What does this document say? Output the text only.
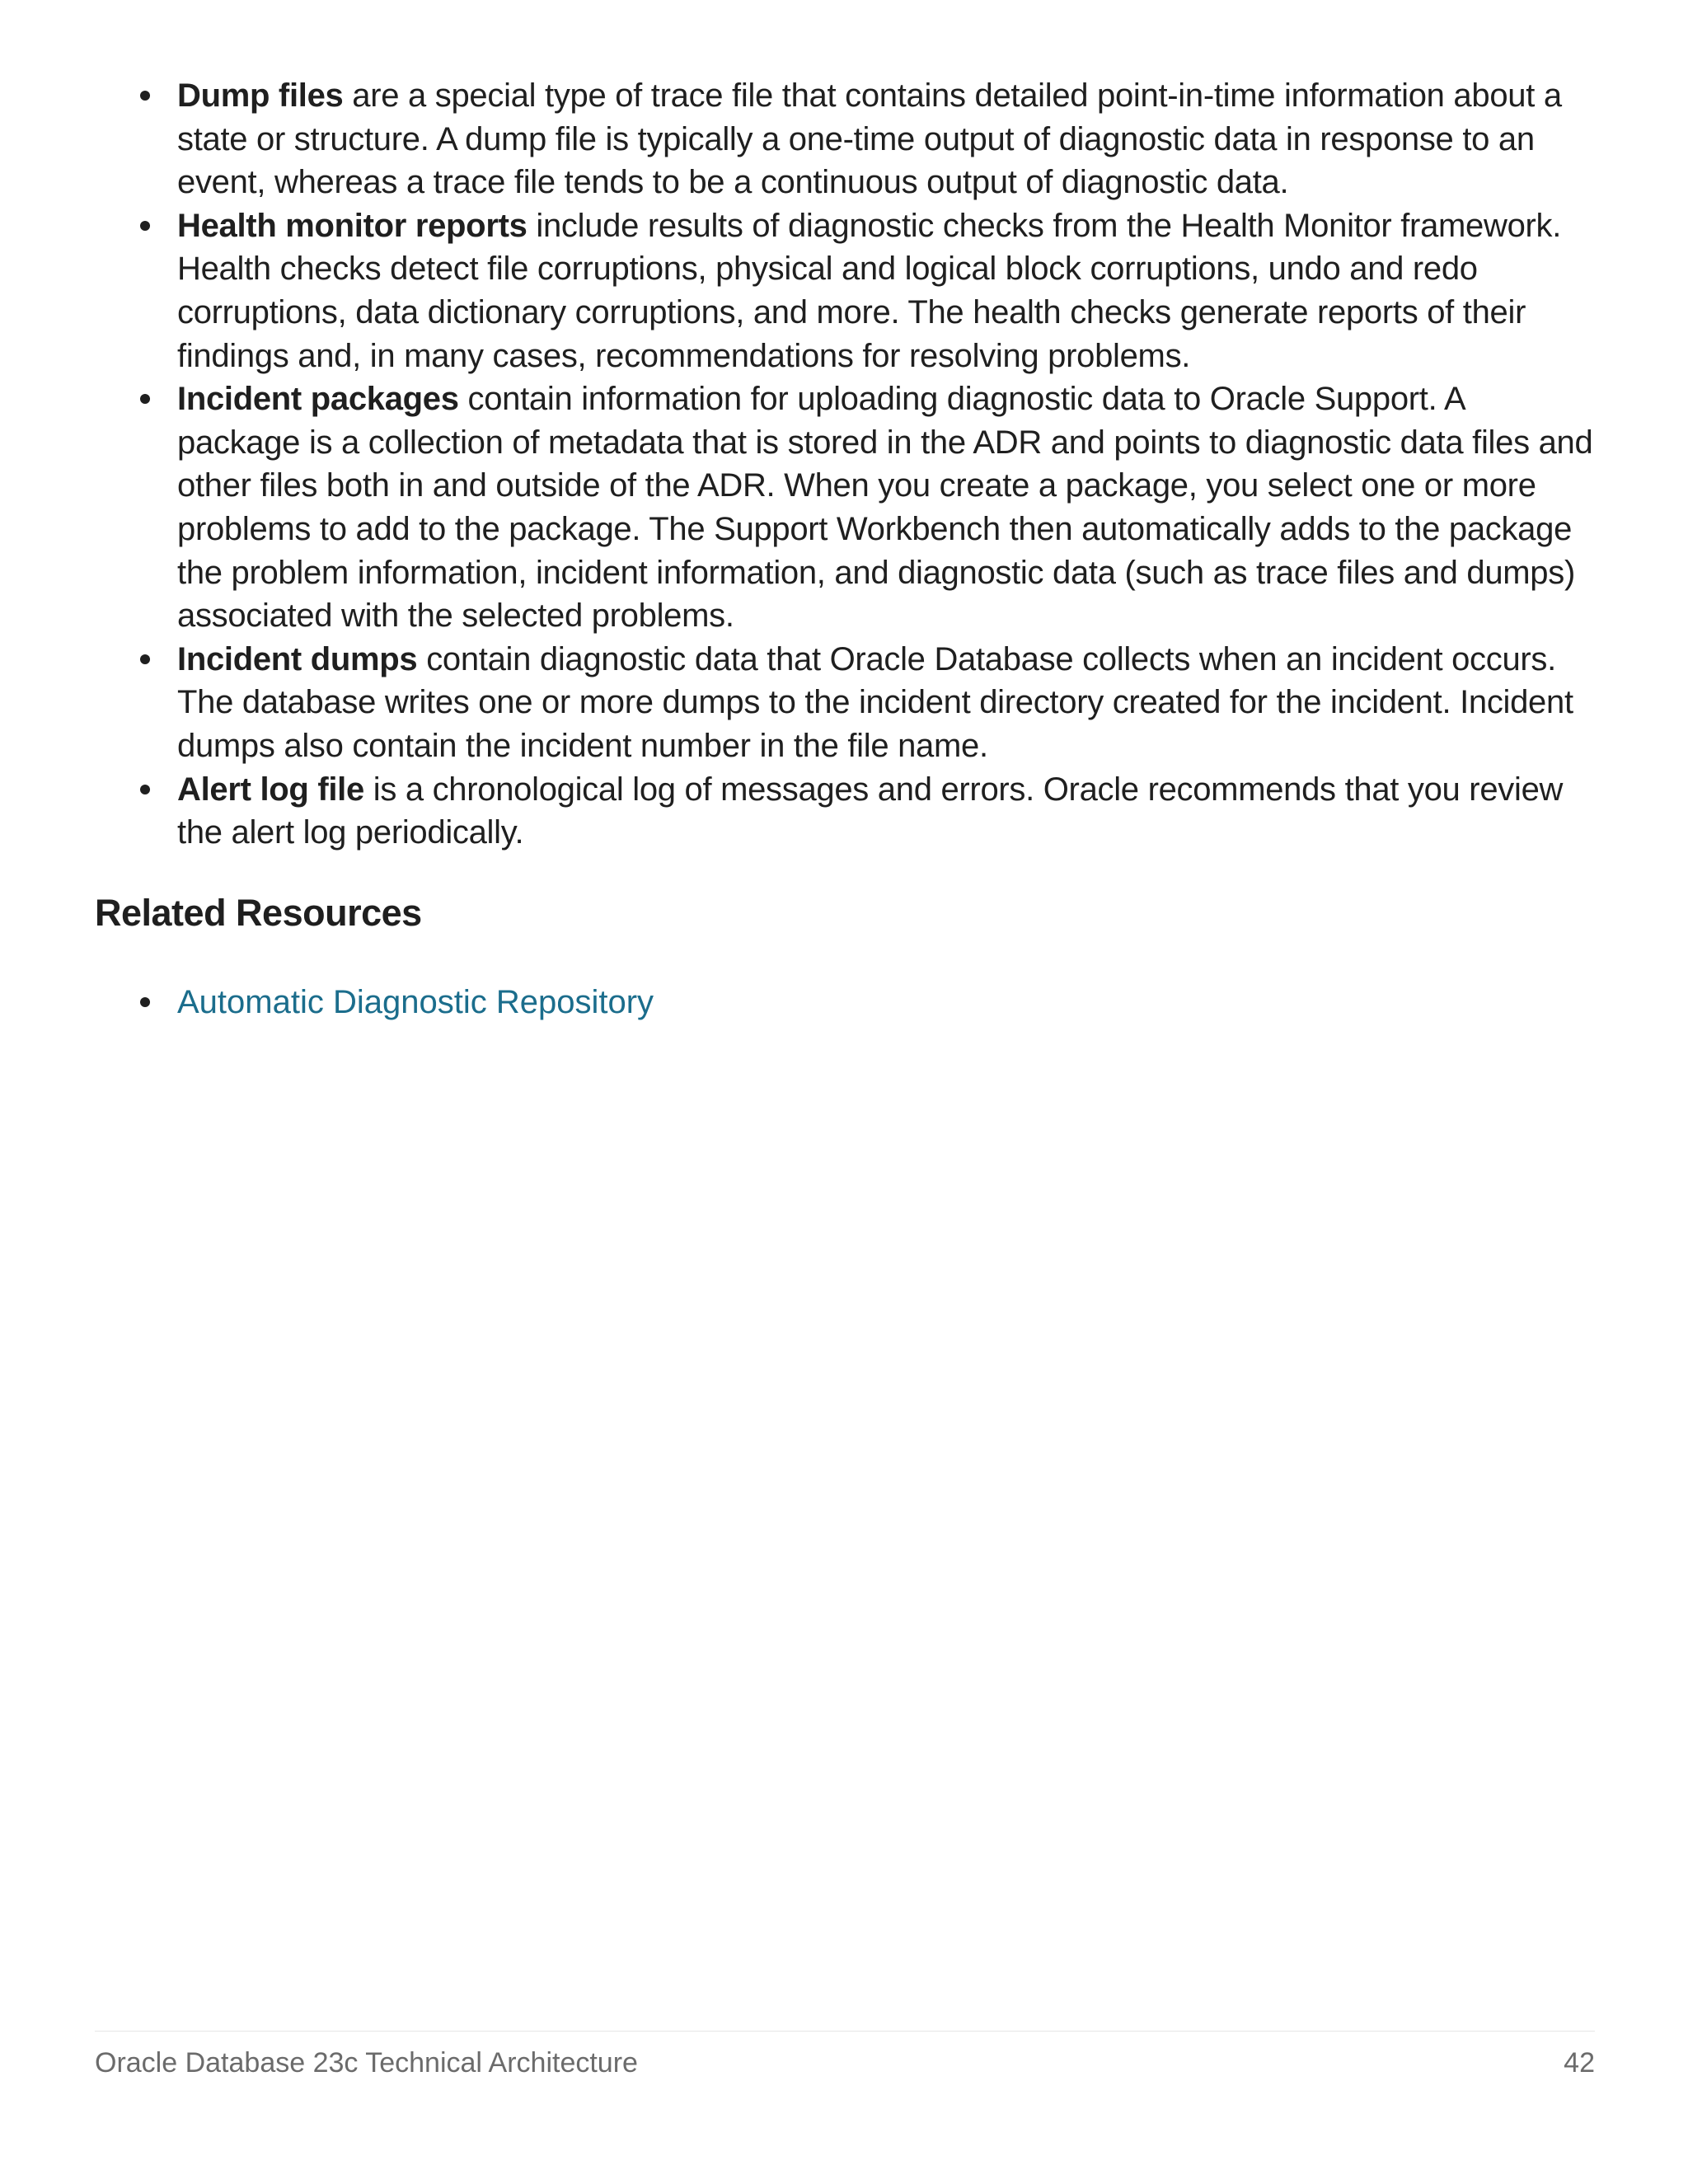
Dump files are a special type of trace file that contains detailed point-in-time information about a state or structure. A dump file is typically a one-time output of diagnostic data in response to an event, whereas a trace file tends to be a continuous output of diagnostic data.
Health monitor reports include results of diagnostic checks from the Health Monitor framework. Health checks detect file corruptions, physical and logical block corruptions, undo and redo corruptions, data dictionary corruptions, and more. The health checks generate reports of their findings and, in many cases, recommendations for resolving problems.
Incident packages contain information for uploading diagnostic data to Oracle Support. A package is a collection of metadata that is stored in the ADR and points to diagnostic data files and other files both in and outside of the ADR. When you create a package, you select one or more problems to add to the package. The Support Workbench then automatically adds to the package the problem information, incident information, and diagnostic data (such as trace files and dumps) associated with the selected problems.
Incident dumps contain diagnostic data that Oracle Database collects when an incident occurs. The database writes one or more dumps to the incident directory created for the incident. Incident dumps also contain the incident number in the file name.
Alert log file is a chronological log of messages and errors. Oracle recommends that you review the alert log periodically.
Related Resources
Automatic Diagnostic Repository
Oracle Database 23c Technical Architecture	42
